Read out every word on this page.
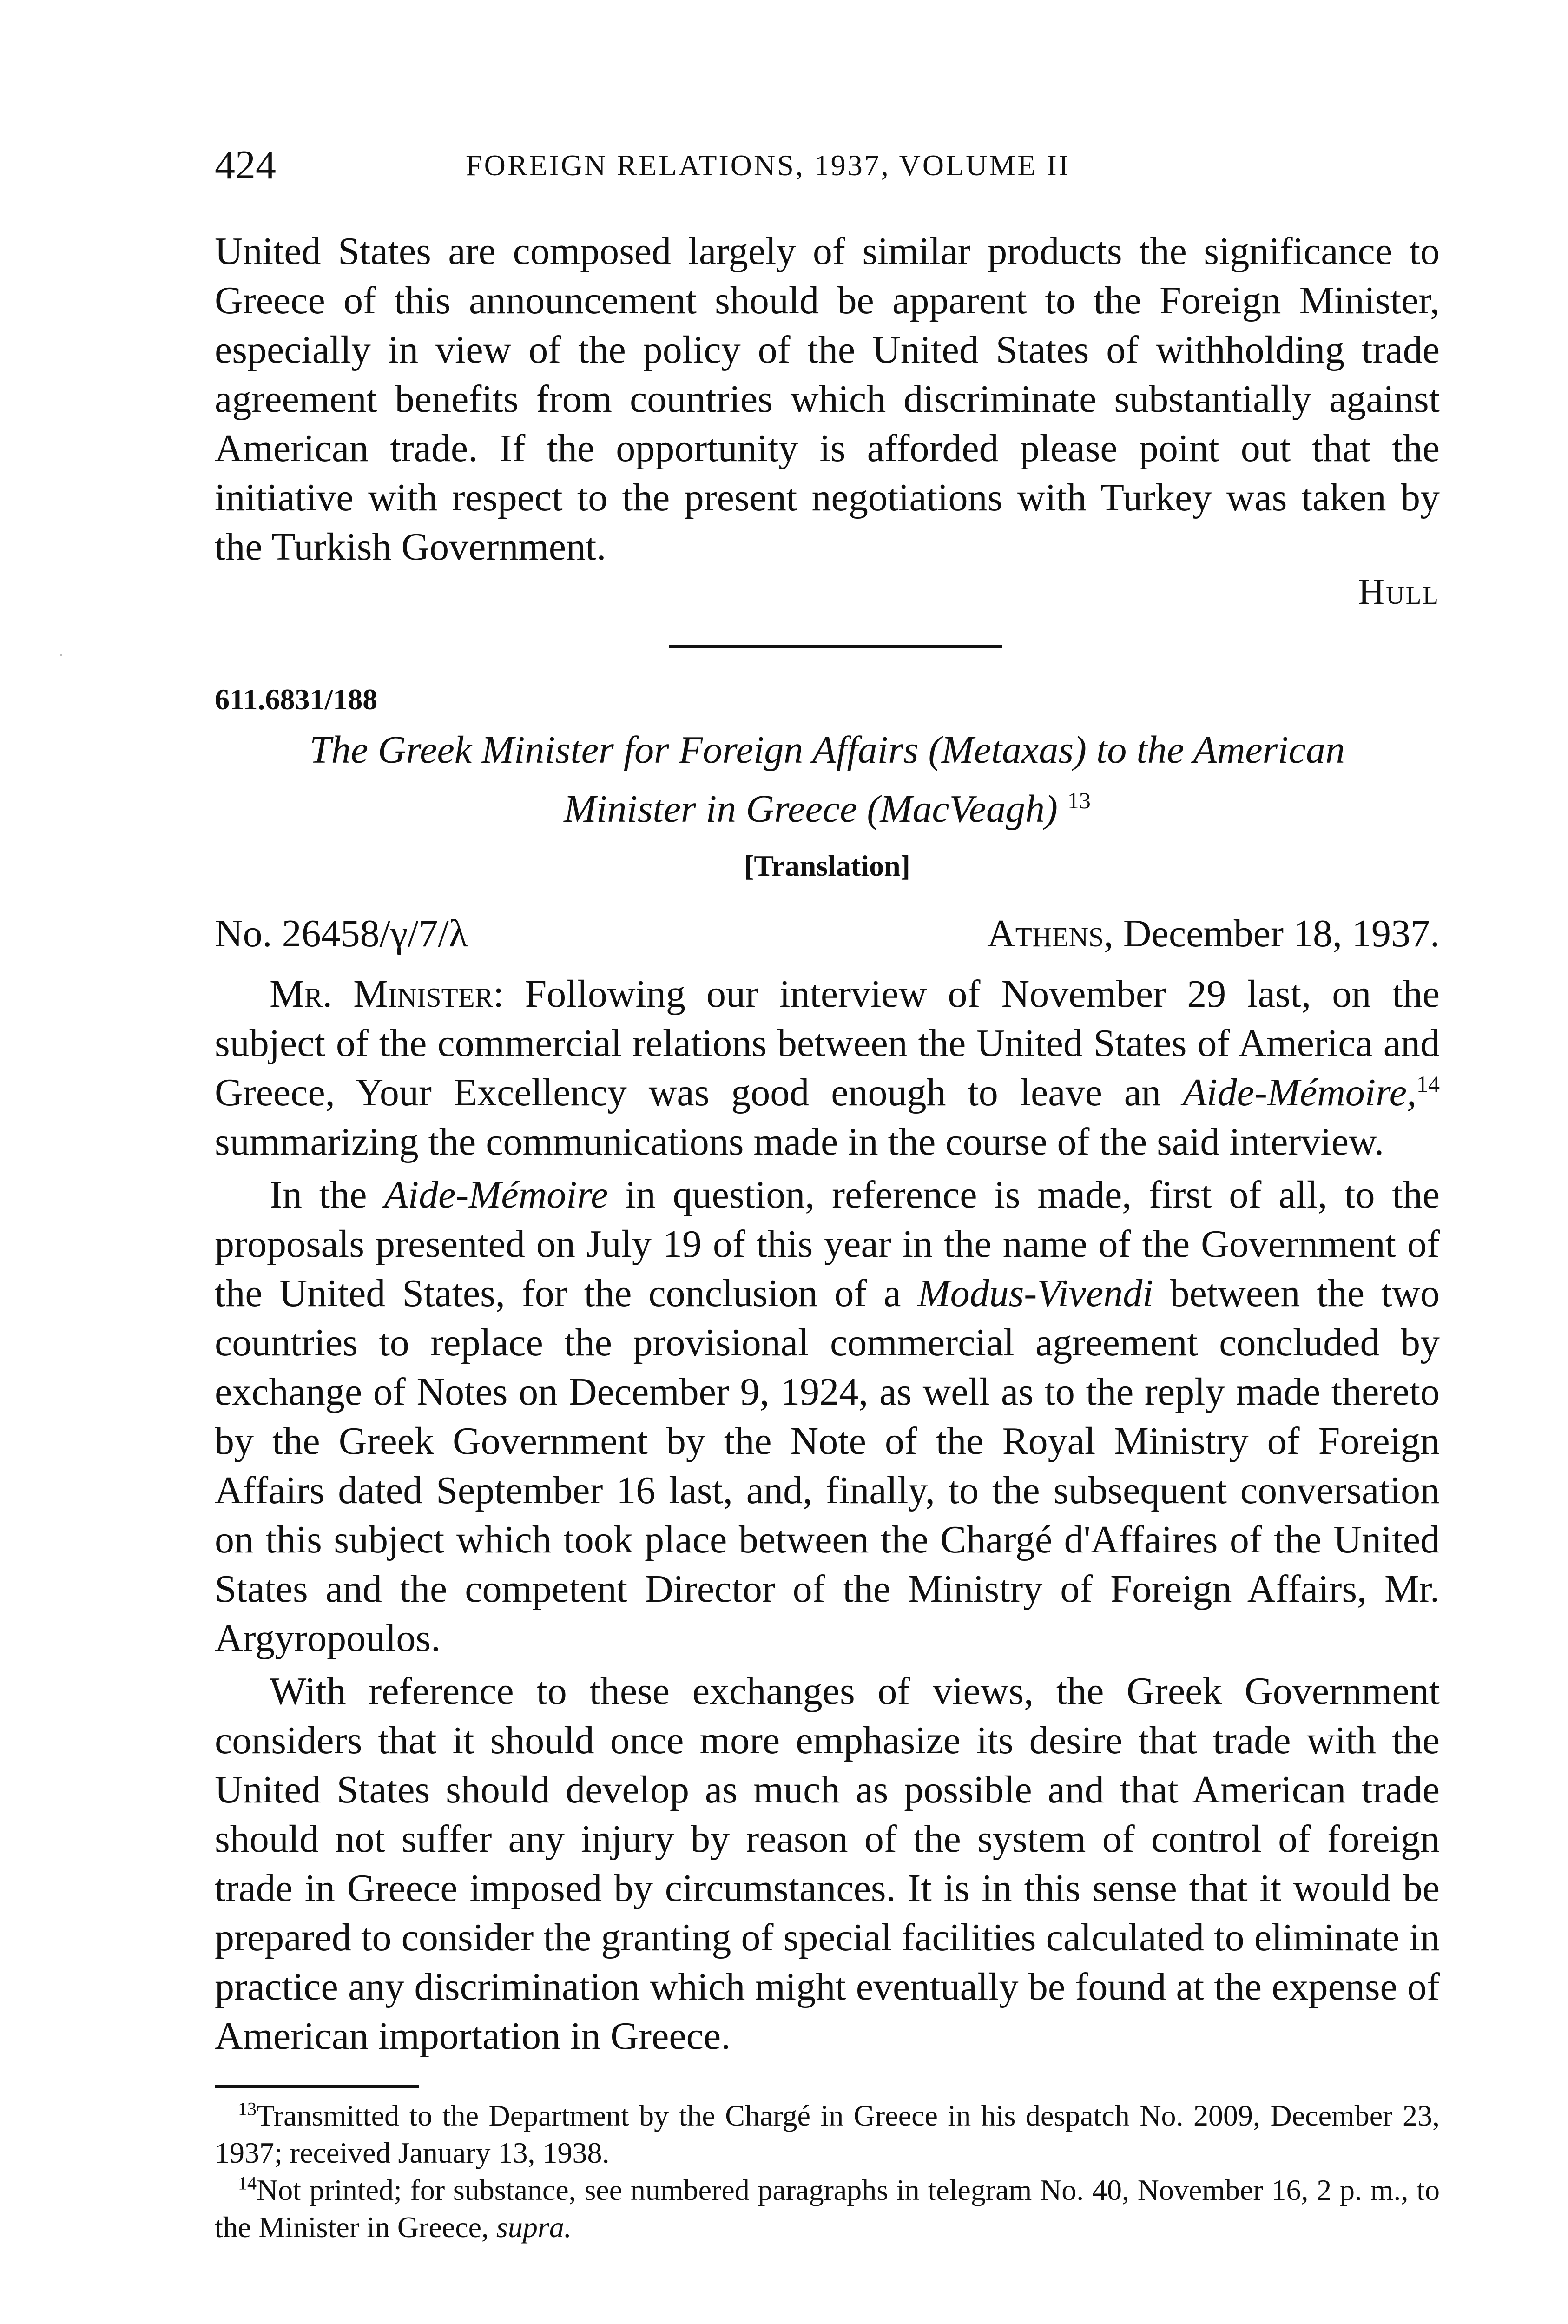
424	FOREIGN RELATIONS, 1937, VOLUME II
United States are composed largely of similar products the significance to Greece of this announcement should be apparent to the Foreign Minister, especially in view of the policy of the United States of withholding trade agreement benefits from countries which discriminate substantially against American trade. If the opportunity is afforded please point out that the initiative with respect to the present negotiations with Turkey was taken by the Turkish Government.
Hull
611.6831/188
The Greek Minister for Foreign Affairs (Metaxas) to the American
Minister in Greece (MacVeagh) $^{13}$
[Translation]
No. 26458/γ/7/λ	Athens, December 18, 1937.

Mr. Minister: Following our interview of November 29 last, on the subject of the commercial relations between the United States of America and Greece, Your Excellency was good enough to leave an Aide-Mémoire,$^{14}$ summarizing the communications made in the course of the said interview.

In the Aide-Mémoire in question, reference is made, first of all, to the proposals presented on July 19 of this year in the name of the Government of the United States, for the conclusion of a Modus-Vivendi between the two countries to replace the provisional commercial agreement concluded by exchange of Notes on December 9, 1924, as well as to the reply made thereto by the Greek Government by the Note of the Royal Ministry of Foreign Affairs dated September 16 last, and, finally, to the subsequent conversation on this subject which took place between the Chargé d'Affaires of the United States and the competent Director of the Ministry of Foreign Affairs, Mr. Argyropoulos.

With reference to these exchanges of views, the Greek Government considers that it should once more emphasize its desire that trade with the United States should develop as much as possible and that American trade should not suffer any injury by reason of the system of control of foreign trade in Greece imposed by circumstances. It is in this sense that it would be prepared to consider the granting of special facilities calculated to eliminate in practice any discrimination which might eventually be found at the expense of American importation in Greece.

$^{13}$Transmitted to the Department by the Chargé in Greece in his despatch No. 2009, December 23, 1937; received January 13, 1938.

$^{14}$Not printed; for substance, see numbered paragraphs in telegram No. 40, November 16, 2 p. m., to the Minister in Greece, supra.
